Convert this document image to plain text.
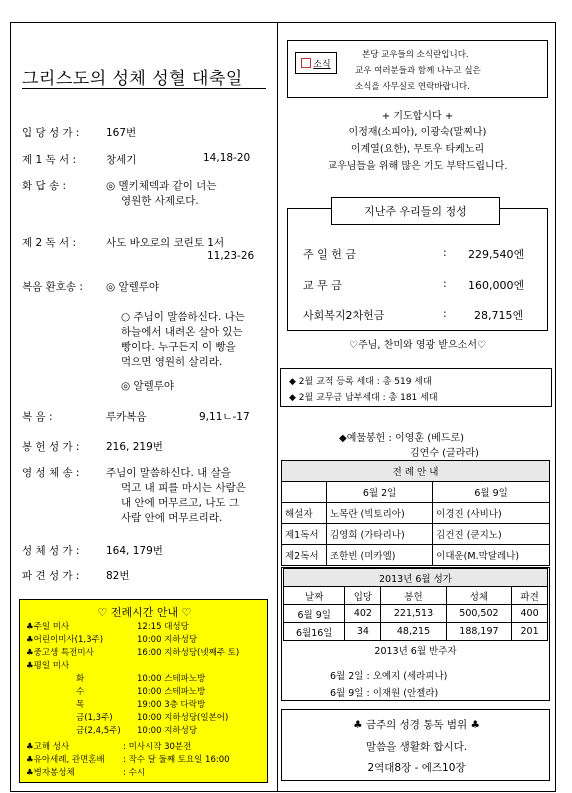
그리스도의 성체 성혈 대축일
입 당 성 가 :	167번
제 1 독 서 :	창세기	14,18-20
화 답 송 :	◎ 멜키체덱과 같이 너는
영원한 사제로다.
제 2 독 서 :	사도 바오로의 코린토 1서
11,23-26
복음 환호송 : ◎ 알렐루야
○ 주님이 말씀하신다. 나는
하늘에서 내려온 살아 있는
빵이다. 누구든지 이 빵을
먹으면 영원히 살리라.
◎ 알렐루야
복 음 :	루카복음	9,11ㄴ-17
봉 헌 성 가 :	216, 219번
영 성 체 송 :	주님이 말씀하신다. 내 살을
먹고 내 피를 마시는 사람은
내 안에 머무르고, 나도 그
사람 안에 머무르리라.
성 체 성 가 :	164, 179번
파 견 성 가 :	82번
♡ 전례시간 안내 ♡
♣주일 미사	12:15 대성당
♣어린이미사(1,3주)	10:00 지하성당
♣중고생 특전미사	16:00 지하성당(넷째주 토)
♣평일 미사
화	10:00 스테파노방
수	10:00 스테파노방
목	19:00 3층 다락방
금(1,3주)	10:00 지하성당(일본어)
금(2,4,5주) 10:00 지하성당
♣고해 성사	: 미사시작 30분전
♣유아세례, 관면혼배 : 작수 달 둘째 토요일 16:00
♣병자봉성체	: 수시
소식
본당 교우들의 소식란입니다.
교우 여러분들과 함께 나누고 싶은
소식을 사무실로 연락바랍니다.
+ 기도합시다 +
이정재(소피아), 이광숙(말찌나)
이계열(요한), 무토우 타케노리
교우님들을 위해 많은 기도 부탁드립니다.
지난주 우리들의 정성
주 일 헌 금	: 229,540엔
교 무 금	: 160,000엔
사회복지2차헌금	: 28,715엔
♡주님, 찬미와 영광 받으소서♡
◆ 2월 교적 등록 세대 : 총 519 세대
◆ 2월 교무금 납부세대 : 총 181 세대
◆예물봉헌 : 이영훈 (베드로)
김연수 (글라라)
전 례 안 내		
	6월 2일	6월 9일
해설자	노목란 (빅토리아)	이경진 (사비나)
제1독서	김영희 (가타리나)	김건진 (쿤지노)
제2독서	조한빈 (미카엘)	이대운(M.막달레나)
2013년 6월 성가				
날짜	입당	봉헌	성체	파견
6월 9일	402	221,513	500,502	400
6월16일	34	48,215	188,197	201
2013년 6월 반주자				
6월 2일 : 오예지 (세라피나)
6월 9일 : 이재원 (안젤라)
♣ 금주의 성경 통독 범위 ♣
말씀을 생활화 합시다.
2역대8장 - 에즈10장
